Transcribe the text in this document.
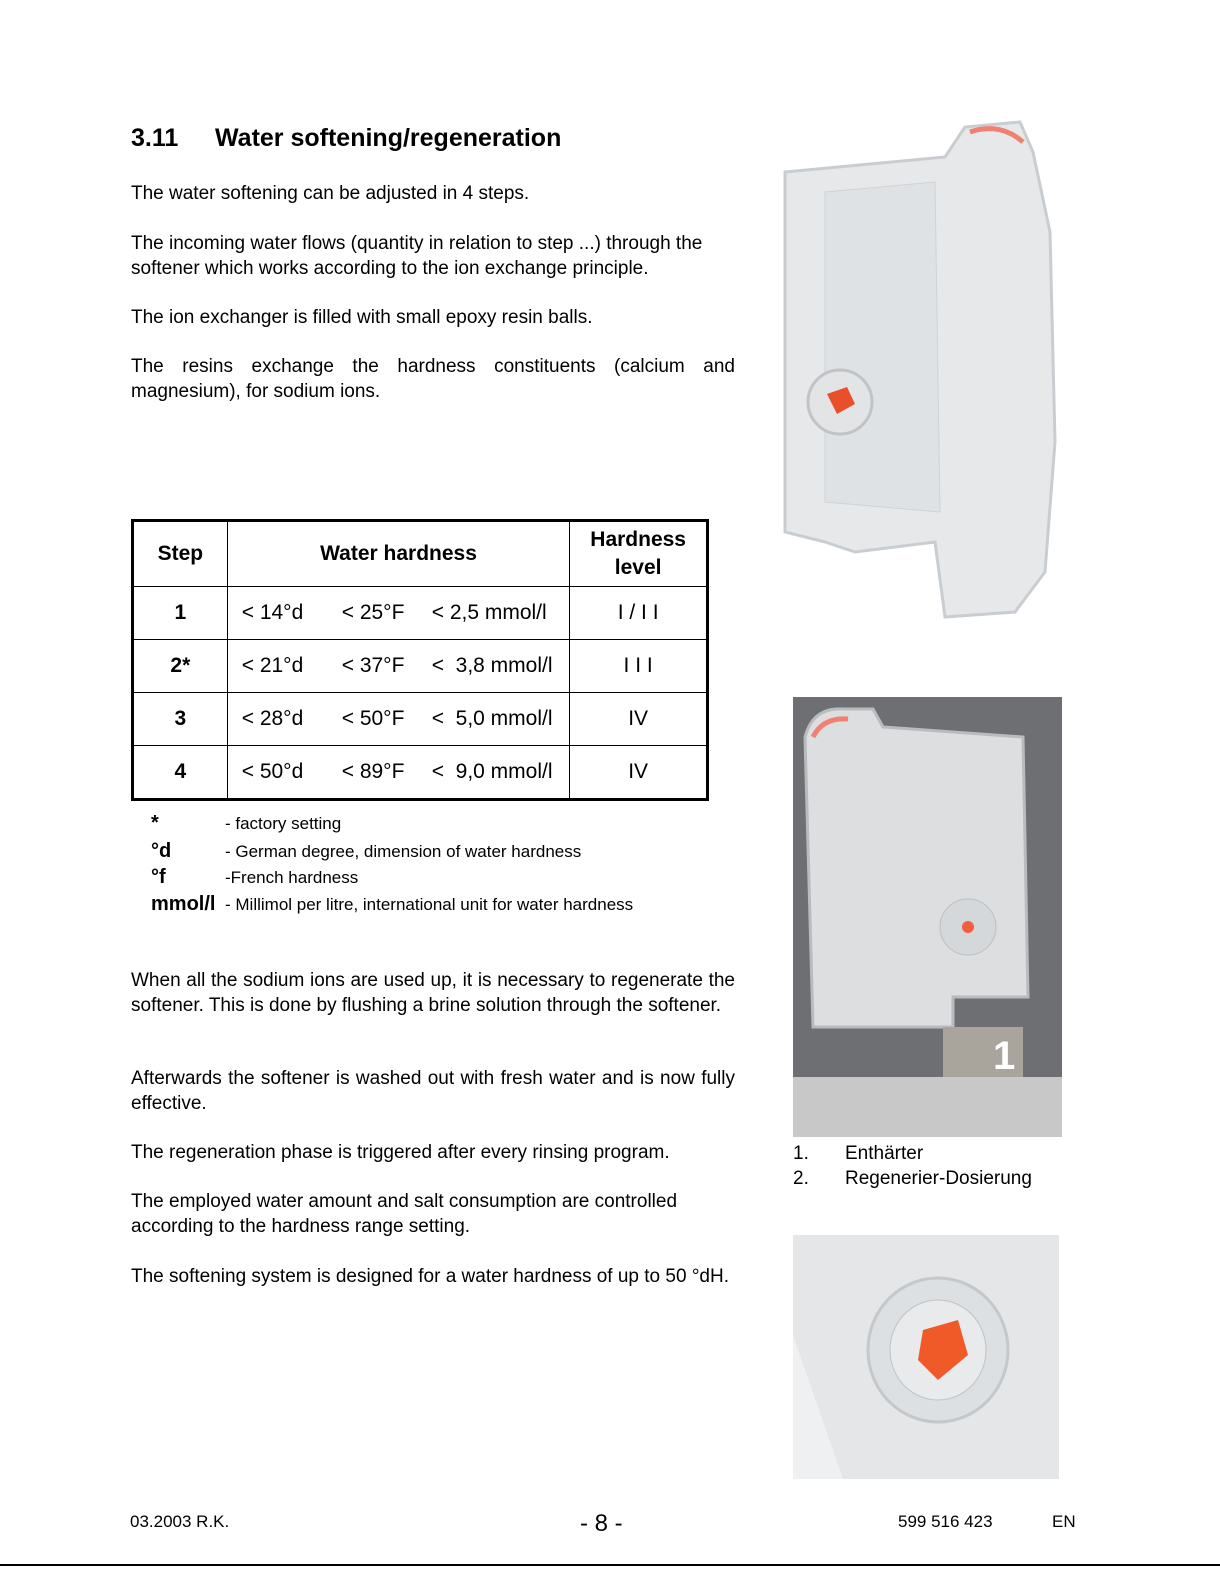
3.11 Water softening/regeneration

The water softening can be adjusted in 4 steps.

The incoming water flows (quantity in relation to step ...) through the softener which works according to the ion exchange principle.

The ion exchanger is filled with small epoxy resin balls.

The resins exchange the hardness constituents (calcium and magnesium), for sodium ions.

Step	Water hardness	Hardness level
1	< 14°d < 25°F < 2,5 mmol/l	I / I I
2*	< 21°d < 37°F <  3,8 mmol/l	I I I
3	< 28°d < 50°F <  5,0 mmol/l	IV
4	< 50°d < 89°F <  9,0 mmol/l	IV
*	- factory setting
°d	- German degree, dimension of water hardness
°f	-French hardness
mmol/l - Millimol per litre, international unit for water hardness

When all the sodium ions are used up, it is necessary to regenerate the softener. This is done by flushing a brine solution through the softener.

Afterwards the softener is washed out with fresh water and is now fully effective.

The regeneration phase is triggered after every rinsing program.

The employed water amount and salt consumption are controlled according to the hardness range setting.

The softening system is designed for a water hardness of up to 50 °dH.

1
1. Enthärter
2. Regenerier-Dosierung
03.2003 R.K.	- 8 -	599 516 423	EN
